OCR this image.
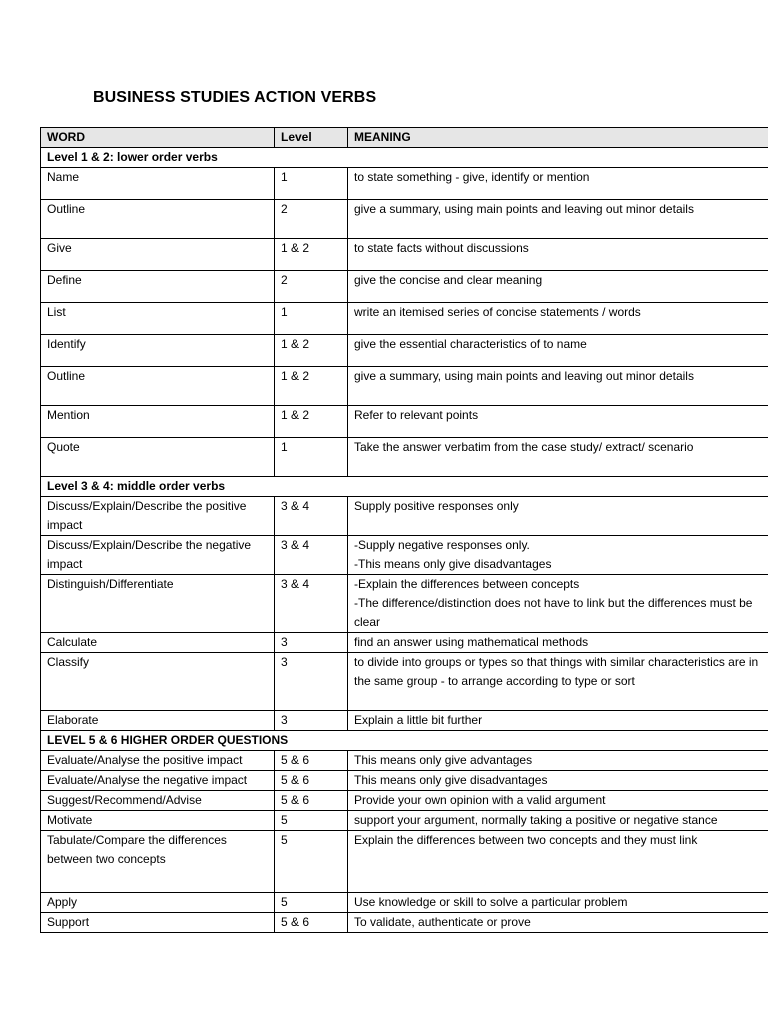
BUSINESS STUDIES ACTION VERBS
WORD	Level	MEANING
Level 1 & 2: lower order verbs		
Name	1	to state something - give, identify or mention
Outline	2	give a summary, using main points and leaving out minor details
Give	1 & 2	to state facts without discussions
Define	2	give the concise and clear meaning
List	1	write an itemised series of concise statements / words
Identify	1 & 2	give the essential characteristics of to name
Outline	1 & 2	give a summary, using main points and leaving out minor details
Mention	1 & 2	Refer to relevant points
Quote	1	Take the answer verbatim from the case study/ extract/ scenario
Level 3 & 4: middle order verbs		
Discuss/Explain/Describe the positive impact	3 & 4	Supply positive responses only
Discuss/Explain/Describe the negative impact	3 & 4	-Supply negative responses only.
-This means only give disadvantages
Distinguish/Differentiate	3 & 4	-Explain the differences between concepts
-The difference/distinction does not have to link but the differences must be clear
Calculate	3	find an answer using mathematical methods
Classify	3	to divide into groups or types so that things with similar characteristics are in the same group - to arrange according to type or sort
Elaborate	3	Explain a little bit further
LEVEL 5 & 6 HIGHER ORDER QUESTIONS		
Evaluate/Analyse the positive impact	5 & 6	This means only give advantages
Evaluate/Analyse the negative impact	5 & 6	This means only give disadvantages
Suggest/Recommend/Advise	5 & 6	Provide your own opinion with a valid argument
Motivate	5	support your argument, normally taking a positive or negative stance
Tabulate/Compare the differences between two concepts	5	Explain the differences between two concepts and they must link
Apply	5	Use knowledge or skill to solve a particular problem
Support	5 & 6	To validate, authenticate or prove
